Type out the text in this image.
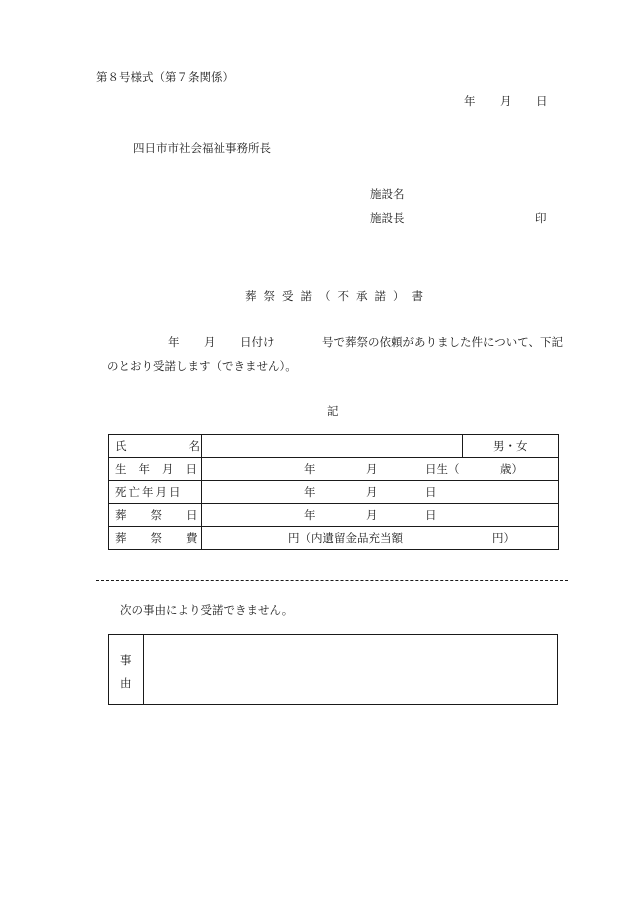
第８号様式（第７条関係）
年 月 日
四日市市社会福祉事務所長
施設名
施設長	印
葬祭受諾（不承諾）書
年 月 日付け	号で葬祭の依頼がありました件について、下記
のとおり受諾します（できません）。
記
氏名		男・女

生年月日	年 月 日生（ 歳）	

死亡年月日	年 月 日	

葬祭日	年 月 日	

葬祭費	円（内遺留金品充当額 円）	
次の事由により受諾できません。
事
由
